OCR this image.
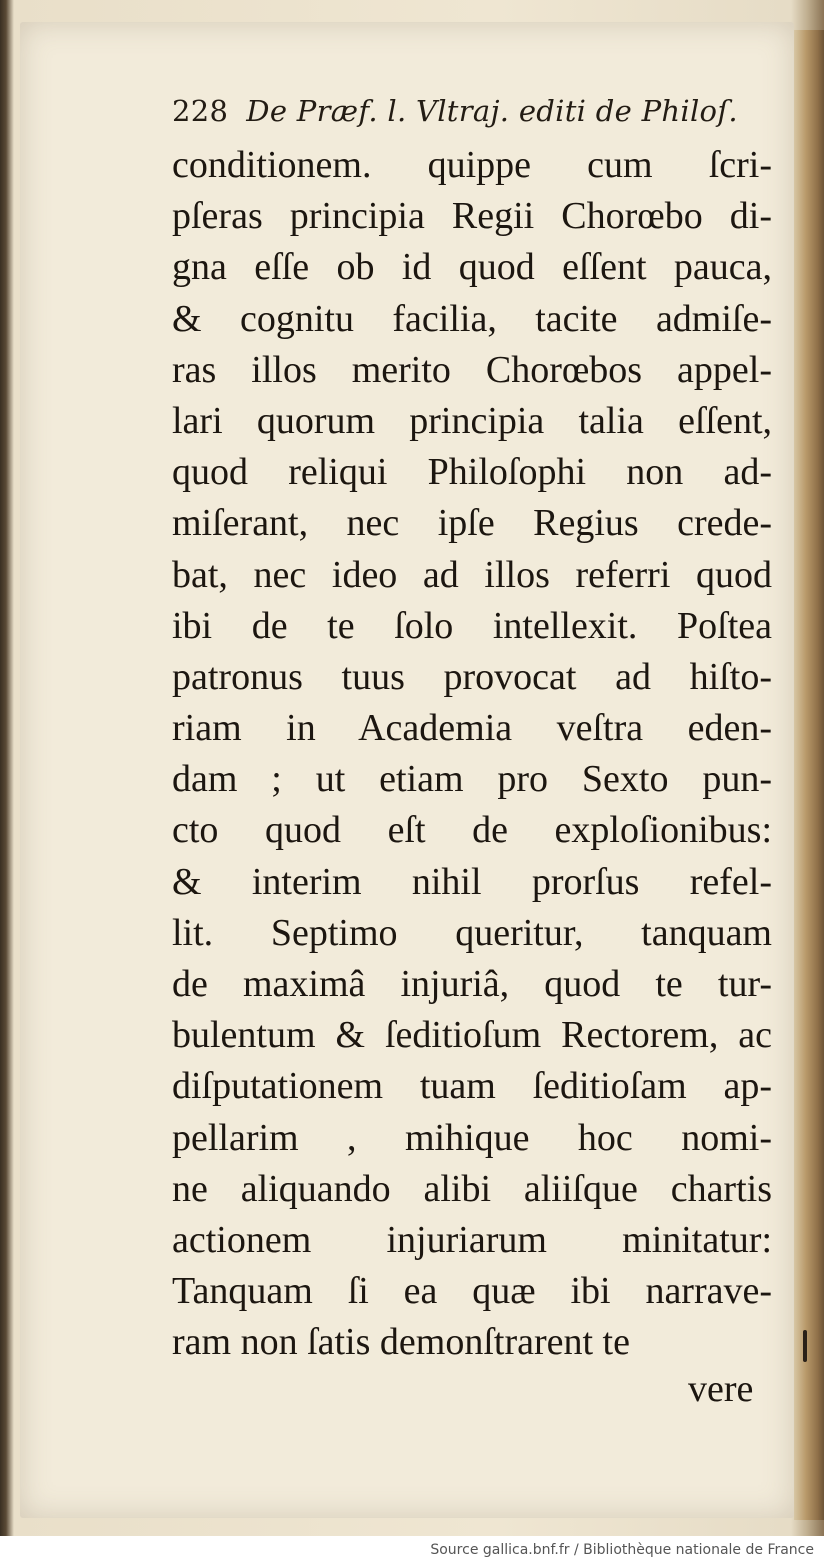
228 De Præf. l. Vltraj. editi de Philoſ.
conditionem. quippe cum ſcri-
pſeras principia Regii Chorœbo di-
gna eſſe ob id quod eſſent pauca,
& cognitu facilia, tacite admiſe-
ras illos merito Chorœbos appel-
lari quorum principia talia eſſent,
quod reliqui Philoſophi non ad-
miſerant, nec ipſe Regius crede-
bat, nec ideo ad illos referri quod
ibi de te ſolo intellexit. Poſtea
patronus tuus provocat ad hiſto-
riam in Academia veſtra eden-
dam ; ut etiam pro Sexto pun-
cto quod eſt de exploſionibus:
& interim nihil prorſus refel-
lit. Septimo queritur, tanquam
de maximâ injuriâ, quod te tur-
bulentum & ſeditioſum Rectorem, ac
diſputationem tuam ſeditioſam ap-
pellarim , mihique hoc nomi-
ne aliquando alibi aliiſque chartis
actionem injuriarum minitatur:
Tanquam ſi ea quæ ibi narrave-
ram non ſatis demonſtrarent te
vere
Source gallica.bnf.fr / Bibliothèque nationale de France
